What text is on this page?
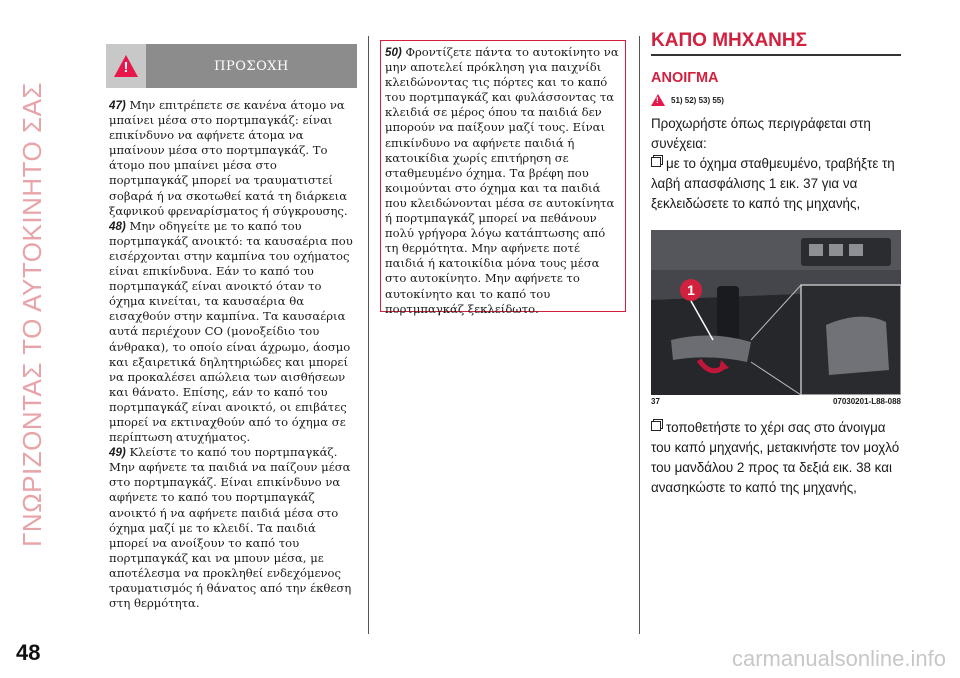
ΓΝΩΡΙΖΟΝΤΑΣ ΤΟ ΑΥΤΟΚΙΝΗΤΟ ΣΑΣ
48
!	ΠΡΟΣΟΧΗ

47) Μην επιτρέπετε σε κανένα άτομο να μπαίνει μέσα στο πορτμπαγκάζ: είναι επικίνδυνο να αφήνετε άτομα να μπαίνουν μέσα στο πορτμπαγκάζ. Το άτομο που μπαίνει μέσα στο πορτμπαγκάζ μπορεί να τραυματιστεί σοβαρά ή να σκοτωθεί κατά τη διάρκεια ξαφνικού φρεναρίσματος ή σύγκρουσης.

48) Μην οδηγείτε με το καπό του πορτμπαγκάζ ανοικτό: τα καυσαέρια που εισέρχονται στην καμπίνα του οχήματος είναι επικίνδυνα. Εάν το καπό του πορτμπαγκάζ είναι ανοικτό όταν το όχημα κινείται, τα καυσαέρια θα εισαχθούν στην καμπίνα. Τα καυσαέρια αυτά περιέχουν CO (μονοξείδιο του άνθρακα), το οποίο είναι άχρωμο, άοσμο και εξαιρετικά δηλητηριώδες και μπορεί να προκαλέσει απώλεια των αισθήσεων και θάνατο. Επίσης, εάν το καπό του πορτμπαγκάζ είναι ανοικτό, οι επιβάτες μπορεί να εκτιναχθούν από το όχημα σε περίπτωση ατυχήματος.

49) Κλείστε το καπό του πορτμπαγκάζ. Μην αφήνετε τα παιδιά να παίζουν μέσα στο πορτμπαγκάζ. Είναι επικίνδυνο να αφήνετε το καπό του πορτμπαγκάζ ανοικτό ή να αφήνετε παιδιά μέσα στο όχημα μαζί με το κλειδί. Τα παιδιά μπορεί να ανοίξουν το καπό του πορτμπαγκάζ και να μπουν μέσα, με αποτέλεσμα να προκληθεί ενδεχόμενος τραυματισμός ή θάνατος από την έκθεση στη θερμότητα.

50) Φροντίζετε πάντα το αυτοκίνητο να μην αποτελεί πρόκληση για παιχνίδι κλειδώνοντας τις πόρτες και το καπό του πορτμπαγκάζ και φυλάσσοντας τα κλειδιά σε μέρος όπου τα παιδιά δεν μπορούν να παίξουν μαζί τους. Είναι επικίνδυνο να αφήνετε παιδιά ή κατοικίδια χωρίς επιτήρηση σε σταθμευμένο όχημα. Τα βρέφη που κοιμούνται στο όχημα και τα παιδιά που κλειδώνονται μέσα σε αυτοκίνητα ή πορτμπαγκάζ μπορεί να πεθάνουν πολύ γρήγορα λόγω κατάπτωσης από τη θερμότητα. Μην αφήνετε ποτέ παιδιά ή κατοικίδια μόνα τους μέσα στο αυτοκίνητο. Μην αφήνετε το αυτοκίνητο και το καπό του πορτμπαγκάζ ξεκλείδωτο.

ΚΑΠΟ ΜΗΧΑΝΗΣ
ΑΝΟΙΓΜΑ
! 51) 52) 53) 55)

Προχωρήστε όπως περιγράφεται στη συνέχεια:

με το όχημα σταθμευμένο, τραβήξτε τη λαβή απασφάλισης 1 εικ. 37 για να ξεκλειδώσετε το καπό της μηχανής,

1
37	07030201-L88-088

τοποθετήστε το χέρι σας στο άνοιγμα του καπό μηχανής, μετακινήστε τον μοχλό του μανδάλου 2 προς τα δεξιά εικ. 38 και ανασηκώστε το καπό της μηχανής,

carmanualsonline.info
